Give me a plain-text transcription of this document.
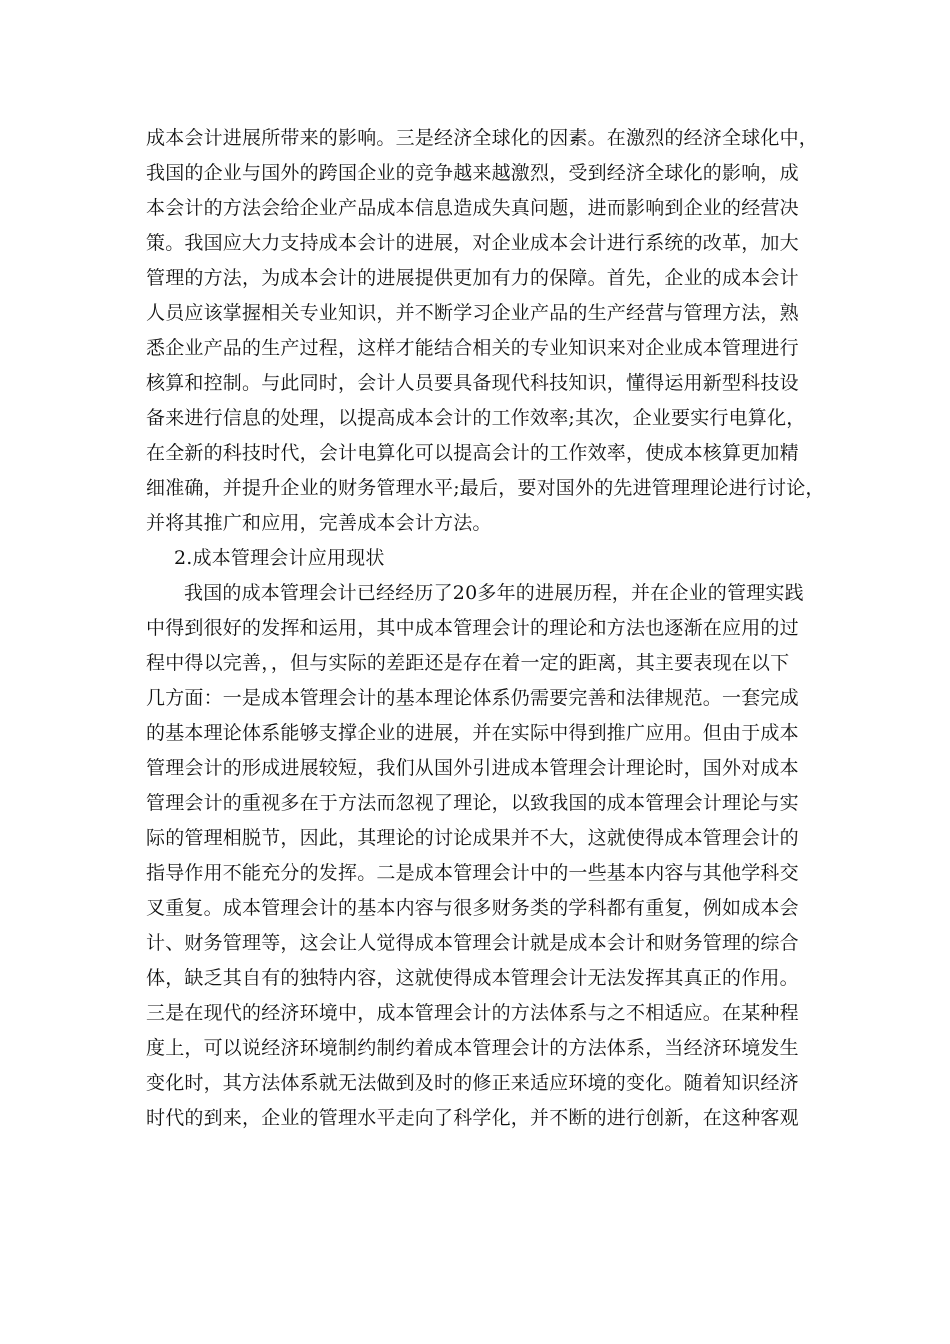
成本会计进展所带来的影响。三是经济全球化的因素。在激烈的经济全球化中，
我国的企业与国外的跨国企业的竞争越来越激烈，受到经济全球化的影响，成
本会计的方法会给企业产品成本信息造成失真问题，进而影响到企业的经营决
策。我国应大力支持成本会计的进展，对企业成本会计进行系统的改革，加大
管理的方法，为成本会计的进展提供更加有力的保障。首先，企业的成本会计
人员应该掌握相关专业知识，并不断学习企业产品的生产经营与管理方法，熟
悉企业产品的生产过程，这样才能结合相关的专业知识来对企业成本管理进行
核算和控制。与此同时，会计人员要具备现代科技知识，懂得运用新型科技设
备来进行信息的处理，以提高成本会计的工作效率;其次，企业要实行电算化，
在全新的科技时代，会计电算化可以提高会计的工作效率，使成本核算更加精
细准确，并提升企业的财务管理水平;最后，要对国外的先进管理理论进行讨论，
并将其推广和应用，完善成本会计方法。
2.成本管理会计应用现状
我国的成本管理会计已经经历了20多年的进展历程，并在企业的管理实践
中得到很好的发挥和运用，其中成本管理会计的理论和方法也逐渐在应用的过
程中得以完善，，但与实际的差距还是存在着一定的距离，其主要表现在以下
几方面：一是成本管理会计的基本理论体系仍需要完善和法律规范。一套完成
的基本理论体系能够支撑企业的进展，并在实际中得到推广应用。但由于成本
管理会计的形成进展较短，我们从国外引进成本管理会计理论时，国外对成本
管理会计的重视多在于方法而忽视了理论，以致我国的成本管理会计理论与实
际的管理相脱节，因此，其理论的讨论成果并不大，这就使得成本管理会计的
指导作用不能充分的发挥。二是成本管理会计中的一些基本内容与其他学科交
叉重复。成本管理会计的基本内容与很多财务类的学科都有重复，例如成本会
计、财务管理等，这会让人觉得成本管理会计就是成本会计和财务管理的综合
体，缺乏其自有的独特内容，这就使得成本管理会计无法发挥其真正的作用。
三是在现代的经济环境中，成本管理会计的方法体系与之不相适应。在某种程
度上，可以说经济环境制约制约着成本管理会计的方法体系，当经济环境发生
变化时，其方法体系就无法做到及时的修正来适应环境的变化。随着知识经济
时代的到来，企业的管理水平走向了科学化，并不断的进行创新，在这种客观
